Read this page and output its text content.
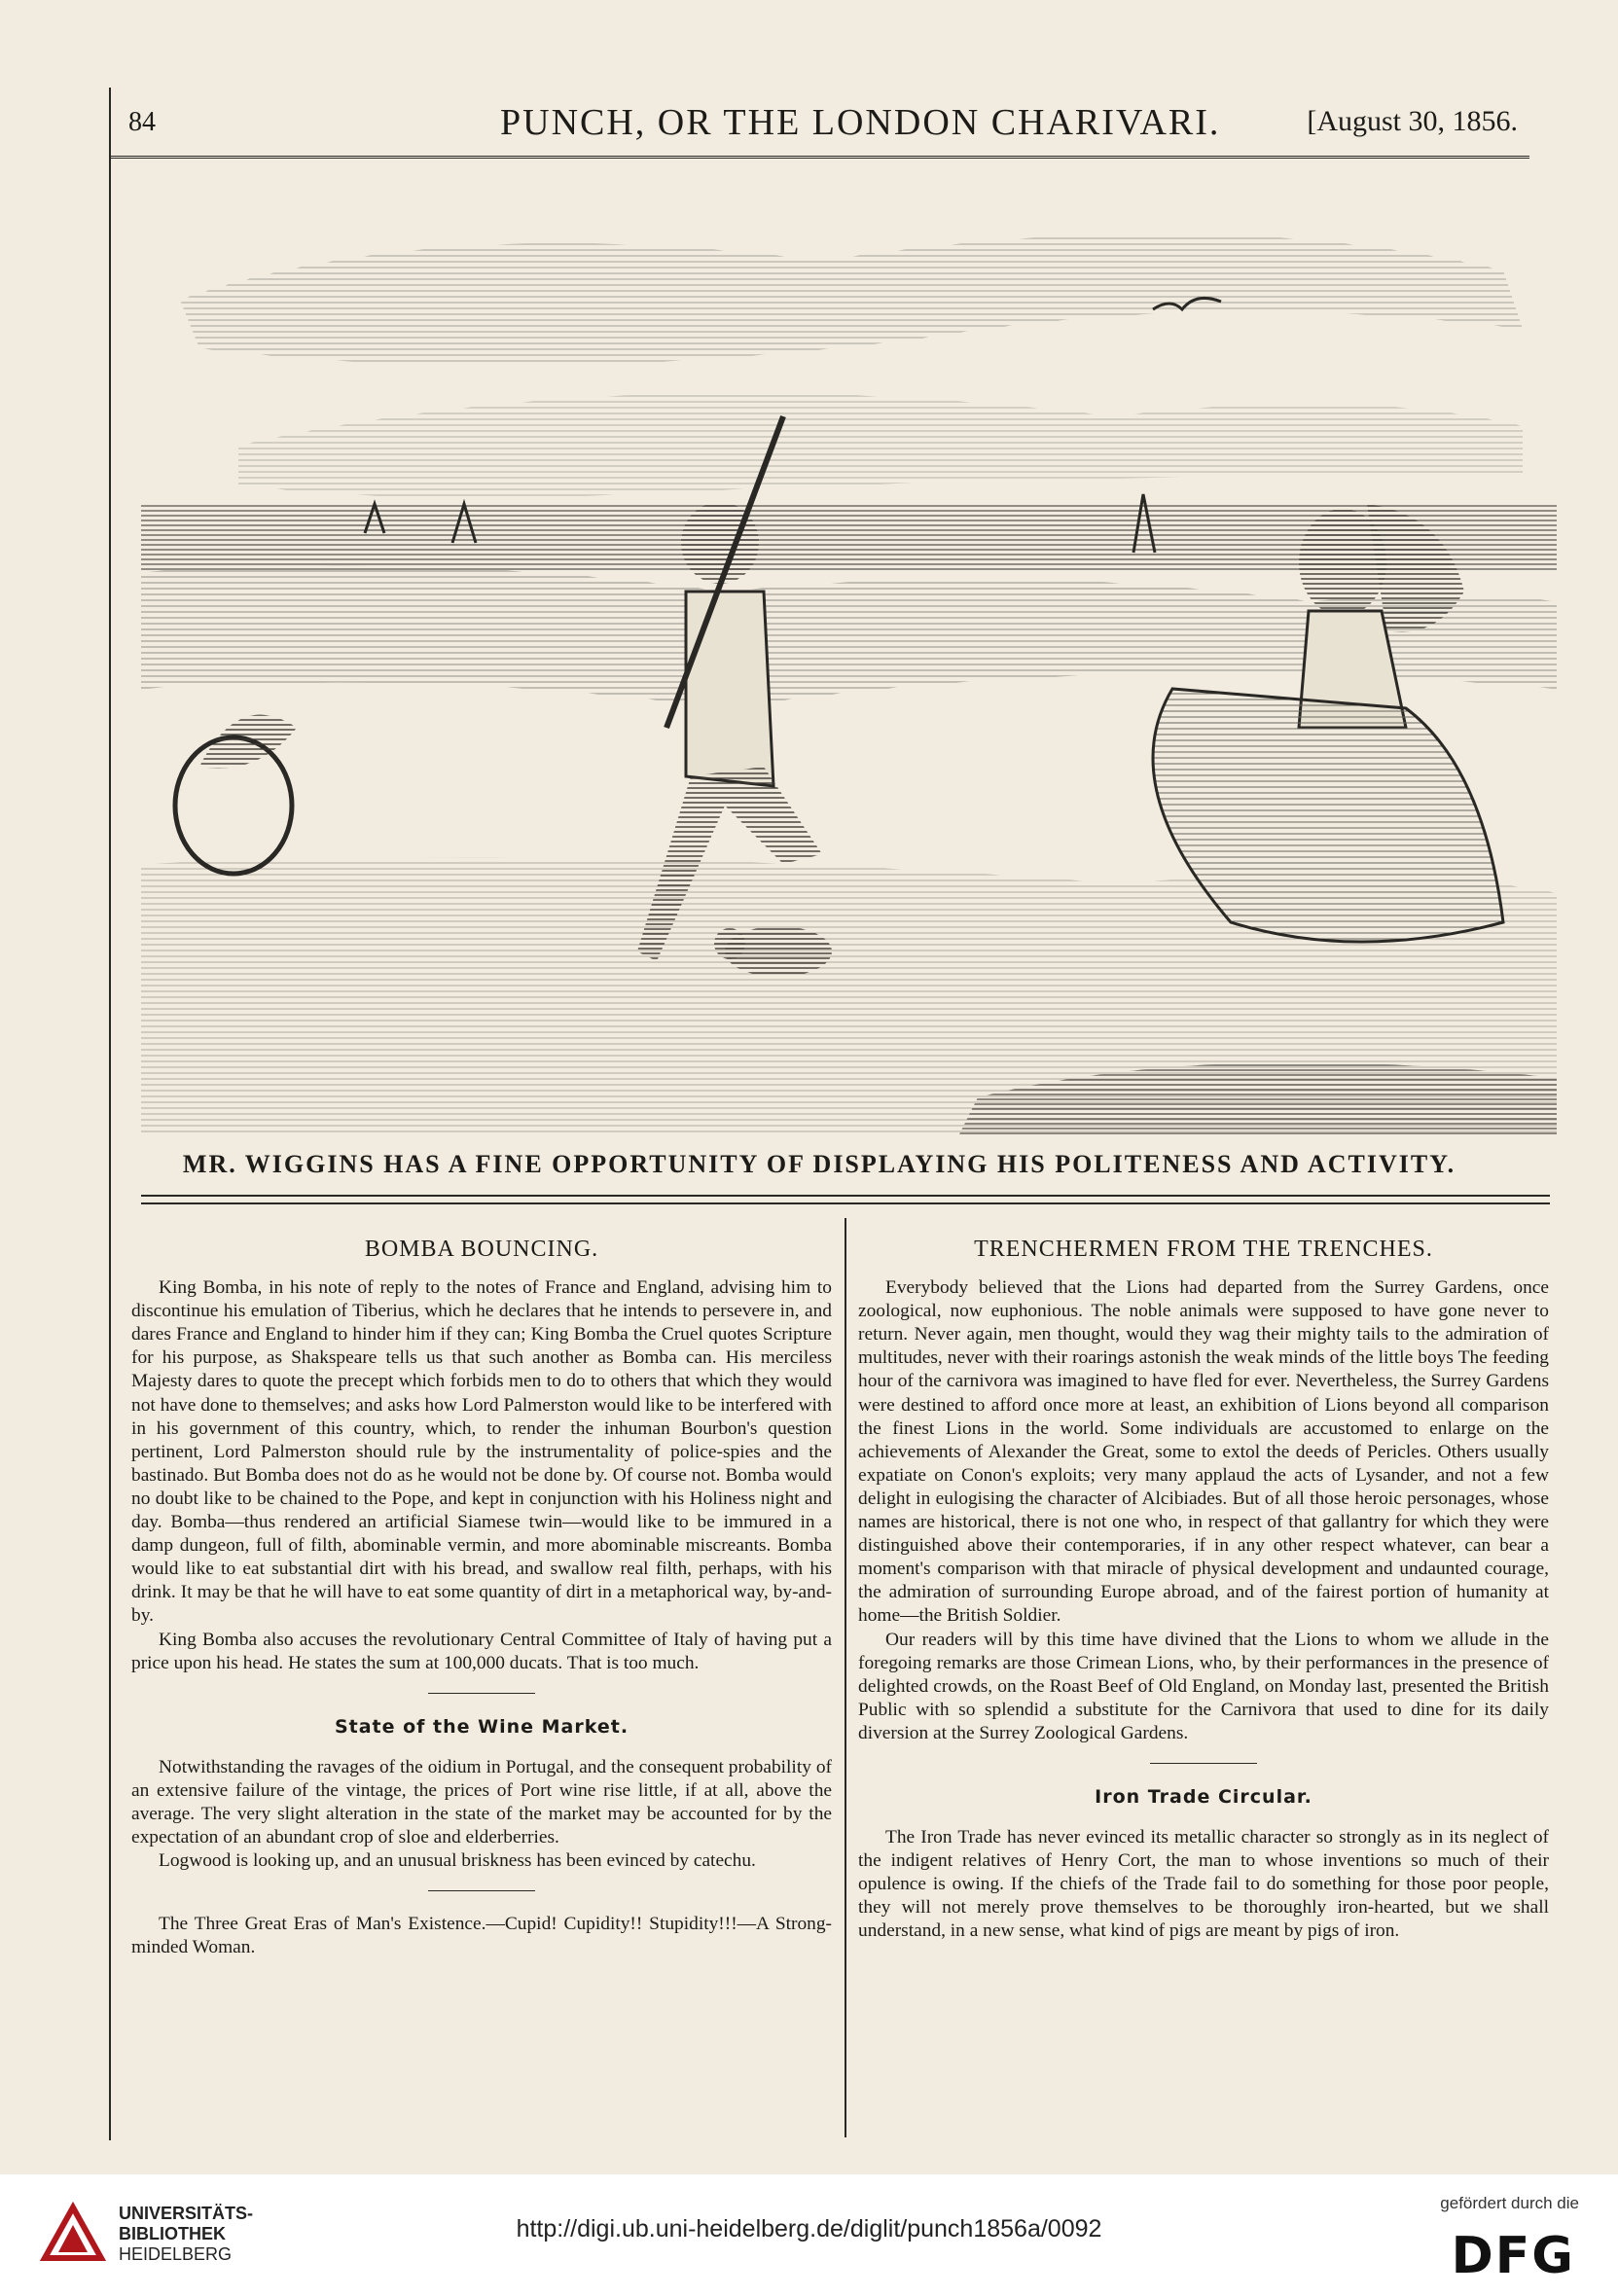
84	PUNCH, OR THE LONDON CHARIVARI.	[August 30, 1856.
MR. WIGGINS HAS A FINE OPPORTUNITY OF DISPLAYING HIS POLITENESS AND ACTIVITY.
BOMBA BOUNCING.

King Bomba, in his note of reply to the notes of France and England, advising him to discontinue his emulation of Tiberius, which he declares that he intends to persevere in, and dares France and England to hinder him if they can; King Bomba the Cruel quotes Scripture for his purpose, as Shakspeare tells us that such another as Bomba can. His merciless Majesty dares to quote the precept which forbids men to do to others that which they would not have done to themselves; and asks how Lord Palmerston would like to be interfered with in his government of this country, which, to render the inhuman Bourbon's question pertinent, Lord Palmerston should rule by the instrumentality of police-spies and the bastinado. But Bomba does not do as he would not be done by. Of course not. Bomba would no doubt like to be chained to the Pope, and kept in conjunction with his Holiness night and day. Bomba—thus rendered an artificial Siamese twin—would like to be immured in a damp dungeon, full of filth, abominable vermin, and more abominable miscreants. Bomba would like to eat substantial dirt with his bread, and swallow real filth, perhaps, with his drink. It may be that he will have to eat some quantity of dirt in a metaphorical way, by-and-by.

King Bomba also accuses the revolutionary Central Committee of Italy of having put a price upon his head. He states the sum at 100,000 ducats. That is too much.

State of the Wine Market.

Notwithstanding the ravages of the oidium in Portugal, and the consequent probability of an extensive failure of the vintage, the prices of Port wine rise little, if at all, above the average. The very slight alteration in the state of the market may be accounted for by the expectation of an abundant crop of sloe and elderberries.

Logwood is looking up, and an unusual briskness has been evinced by catechu.

The Three Great Eras of Man's Existence.—Cupid! Cupidity!! Stupidity!!!—A Strong-minded Woman.

TRENCHERMEN FROM THE TRENCHES.

Everybody believed that the Lions had departed from the Surrey Gardens, once zoological, now euphonious. The noble animals were supposed to have gone never to return. Never again, men thought, would they wag their mighty tails to the admiration of multitudes, never with their roarings astonish the weak minds of the little boys The feeding hour of the carnivora was imagined to have fled for ever. Nevertheless, the Surrey Gardens were destined to afford once more at least, an exhibition of Lions beyond all comparison the finest Lions in the world. Some individuals are accustomed to enlarge on the achievements of Alexander the Great, some to extol the deeds of Pericles. Others usually expatiate on Conon's exploits; very many applaud the acts of Lysander, and not a few delight in eulogising the character of Alcibiades. But of all those heroic personages, whose names are historical, there is not one who, in respect of that gallantry for which they were distinguished above their contemporaries, if in any other respect whatever, can bear a moment's comparison with that miracle of physical development and undaunted courage, the admiration of surrounding Europe abroad, and of the fairest portion of humanity at home—the British Soldier.

Our readers will by this time have divined that the Lions to whom we allude in the foregoing remarks are those Crimean Lions, who, by their performances in the presence of delighted crowds, on the Roast Beef of Old England, on Monday last, presented the British Public with so splendid a substitute for the Carnivora that used to dine for its daily diversion at the Surrey Zoological Gardens.

Iron Trade Circular.

The Iron Trade has never evinced its metallic character so strongly as in its neglect of the indigent relatives of Henry Cort, the man to whose inventions so much of their opulence is owing. If the chiefs of the Trade fail to do something for those poor people, they will not merely prove themselves to be thoroughly iron-hearted, but we shall understand, in a new sense, what kind of pigs are meant by pigs of iron.

UNIVERSITÄTS-
BIBLIOTHEK
HEIDELBERG
http://digi.ub.uni-heidelberg.de/diglit/punch1856a/0092
gefördert durch die
DFG
